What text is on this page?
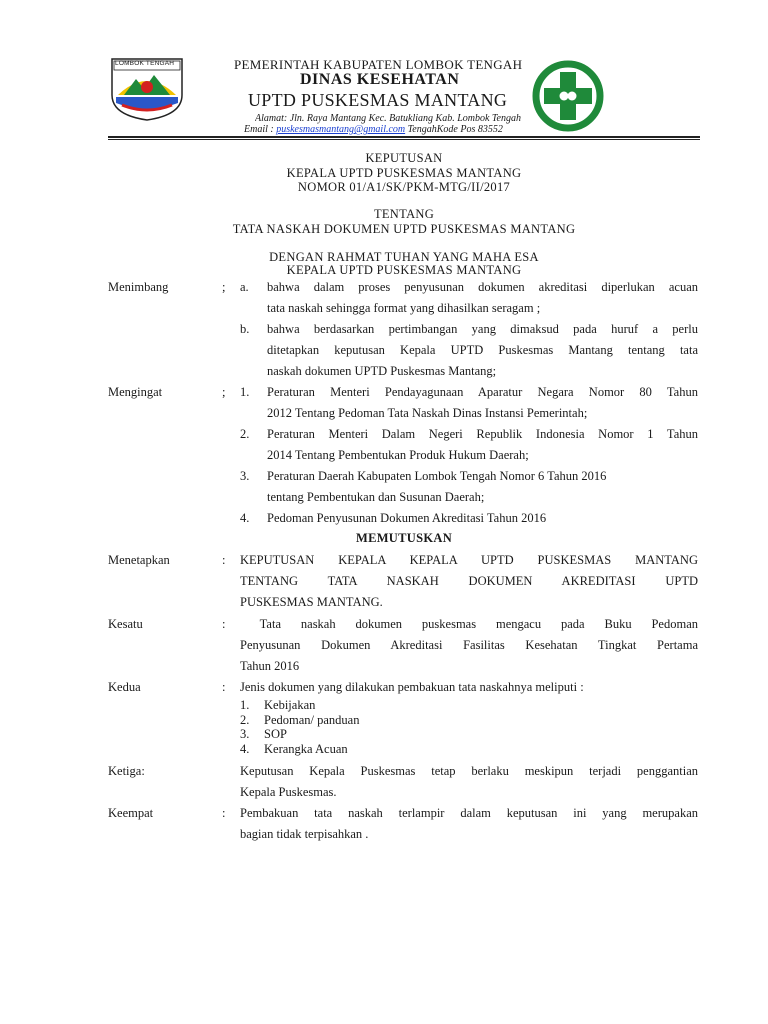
LOMBOK TENGAH	PEMERINTAH KABUPATEN LOMBOK TENGAH
DINAS KESEHATAN
UPTD PUSKESMAS MANTANG
Alamat: Jln. Raya Mantang Kec. Batukliang Kab. Lombok Tengah
Email : puskesmasmantang@gmail.com TengahKode Pos 83552
KEPUTUSAN
KEPALA UPTD PUSKESMAS MANTANG
NOMOR 01/A1/SK/PKM-MTG/II/2017
TENTANG
TATA NASKAH DOKUMEN UPTD PUSKESMAS MANTANG
DENGAN RAHMAT TUHAN YANG MAHA ESA
KEPALA UPTD PUSKESMAS MANTANG
Menimbang	; a. bahwa dalam proses penyusunan dokumen akreditasi diperlukan acuan
tata naskah sehingga format yang dihasilkan seragam ;
b. bahwa berdasarkan pertimbangan yang dimaksud pada huruf a perlu
ditetapkan keputusan Kepala UPTD Puskesmas Mantang tentang tata
naskah dokumen UPTD Puskesmas Mantang;
Mengingat	; 1. Peraturan Menteri Pendayagunaan Aparatur Negara Nomor 80 Tahun
2012 Tentang Pedoman Tata Naskah Dinas Instansi Pemerintah;
2. Peraturan Menteri Dalam Negeri Republik Indonesia Nomor 1 Tahun
2014 Tentang Pembentukan Produk Hukum Daerah;
3. Peraturan Daerah Kabupaten Lombok Tengah Nomor 6 Tahun 2016
tentang Pembentukan dan Susunan Daerah;
4. Pedoman Penyusunan Dokumen Akreditasi Tahun 2016
MEMUTUSKAN
Menetapkan	: KEPUTUSAN KEPALA KEPALA UPTD PUSKESMAS MANTANG
TENTANG TATA NASKAH DOKUMEN AKREDITASI UPTD
PUSKESMAS MANTANG.
Kesatu	: Tata naskah dokumen puskesmas mengacu pada Buku Pedoman
Penyusunan Dokumen Akreditasi Fasilitas Kesehatan Tingkat Pertama
Tahun 2016
Kedua	: Jenis dokumen yang dilakukan pembakuan tata naskahnya meliputi :
1. Kebijakan
2. Pedoman/ panduan
3. SOP
4. Kerangka Acuan
Ketiga:	Keputusan Kepala Puskesmas tetap berlaku meskipun terjadi penggantian
Kepala Puskesmas.
Keempat	: Pembakuan tata naskah terlampir dalam keputusan ini yang merupakan
bagian tidak terpisahkan .
